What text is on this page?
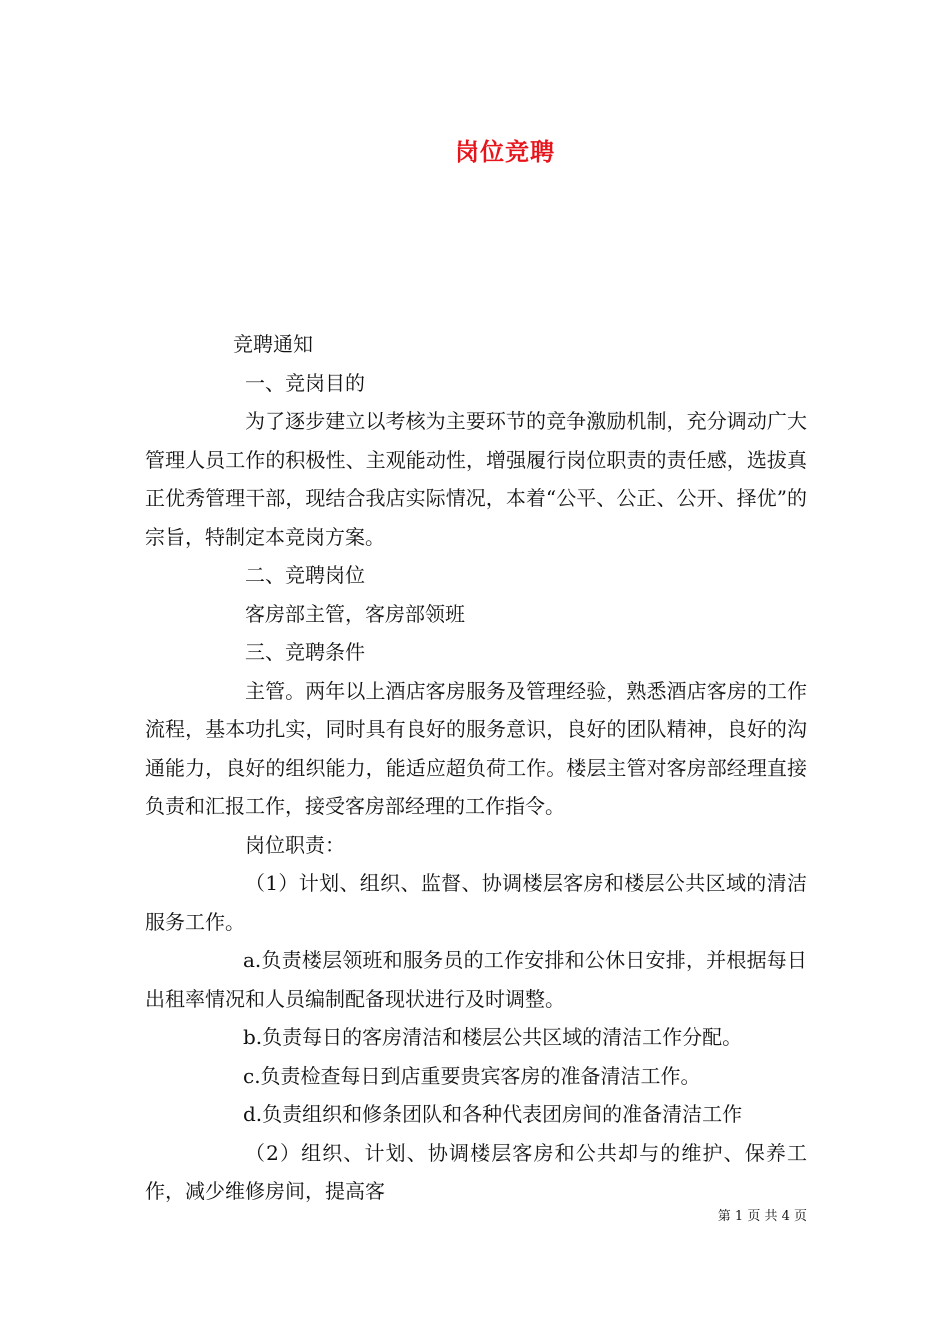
岗位竞聘

竞聘通知

一、竞岗目的

为了逐步建立以考核为主要环节的竞争激励机制，充分调动广大管理人员工作的积极性、主观能动性，增强履行岗位职责的责任感，选拔真正优秀管理干部，现结合我店实际情况，本着“公平、公正、公开、择优”的宗旨，特制定本竞岗方案。

二、竞聘岗位

客房部主管，客房部领班

三、竞聘条件

主管。两年以上酒店客房服务及管理经验，熟悉酒店客房的工作流程，基本功扎实，同时具有良好的服务意识，良好的团队精神，良好的沟通能力，良好的组织能力，能适应超负荷工作。楼层主管对客房部经理直接负责和汇报工作，接受客房部经理的工作指令。

岗位职责：

（1）计划、组织、监督、协调楼层客房和楼层公共区域的清洁服务工作。

a.负责楼层领班和服务员的工作安排和公休日安排，并根据每日出租率情况和人员编制配备现状进行及时调整。

b.负责每日的客房清洁和楼层公共区域的清洁工作分配。

c.负责检查每日到店重要贵宾客房的准备清洁工作。

d.负责组织和修条团队和各种代表团房间的准备清洁工作

（2）组织、计划、协调楼层客房和公共却与的维护、保养工作，减少维修房间，提高客

第 1 页 共 4 页
